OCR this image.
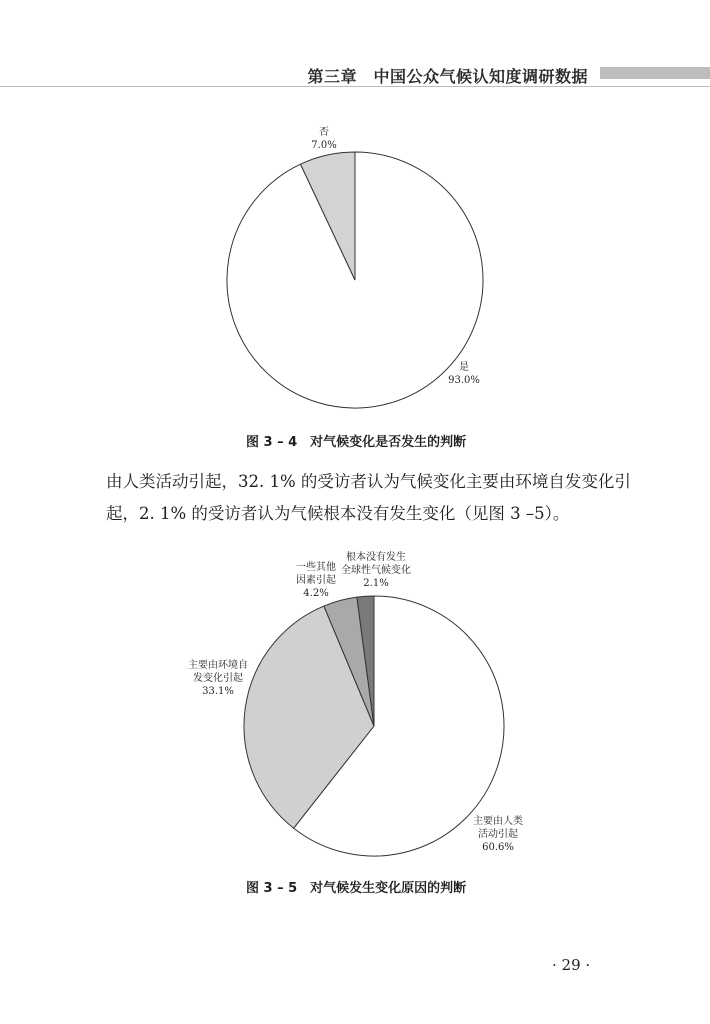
第三章　中国公众气候认知度调研数据
否
7.0%
是
93.0%
主要由人类
活动引起
60.6%
主要由环境自
发变化引起
33.1%
一些其他
因素引起
4.2%
根本没有发生
全球性气候变化
2.1%
图 3 – 4　对气候变化是否发生的判断
由人类活动引起，32. 1% 的受访者认为气候变化主要由环境自发变化引
起，2. 1% 的受访者认为气候根本没有发生变化（见图 3 –5）。
图 3 – 5　对气候发生变化原因的判断
· 29 ·
